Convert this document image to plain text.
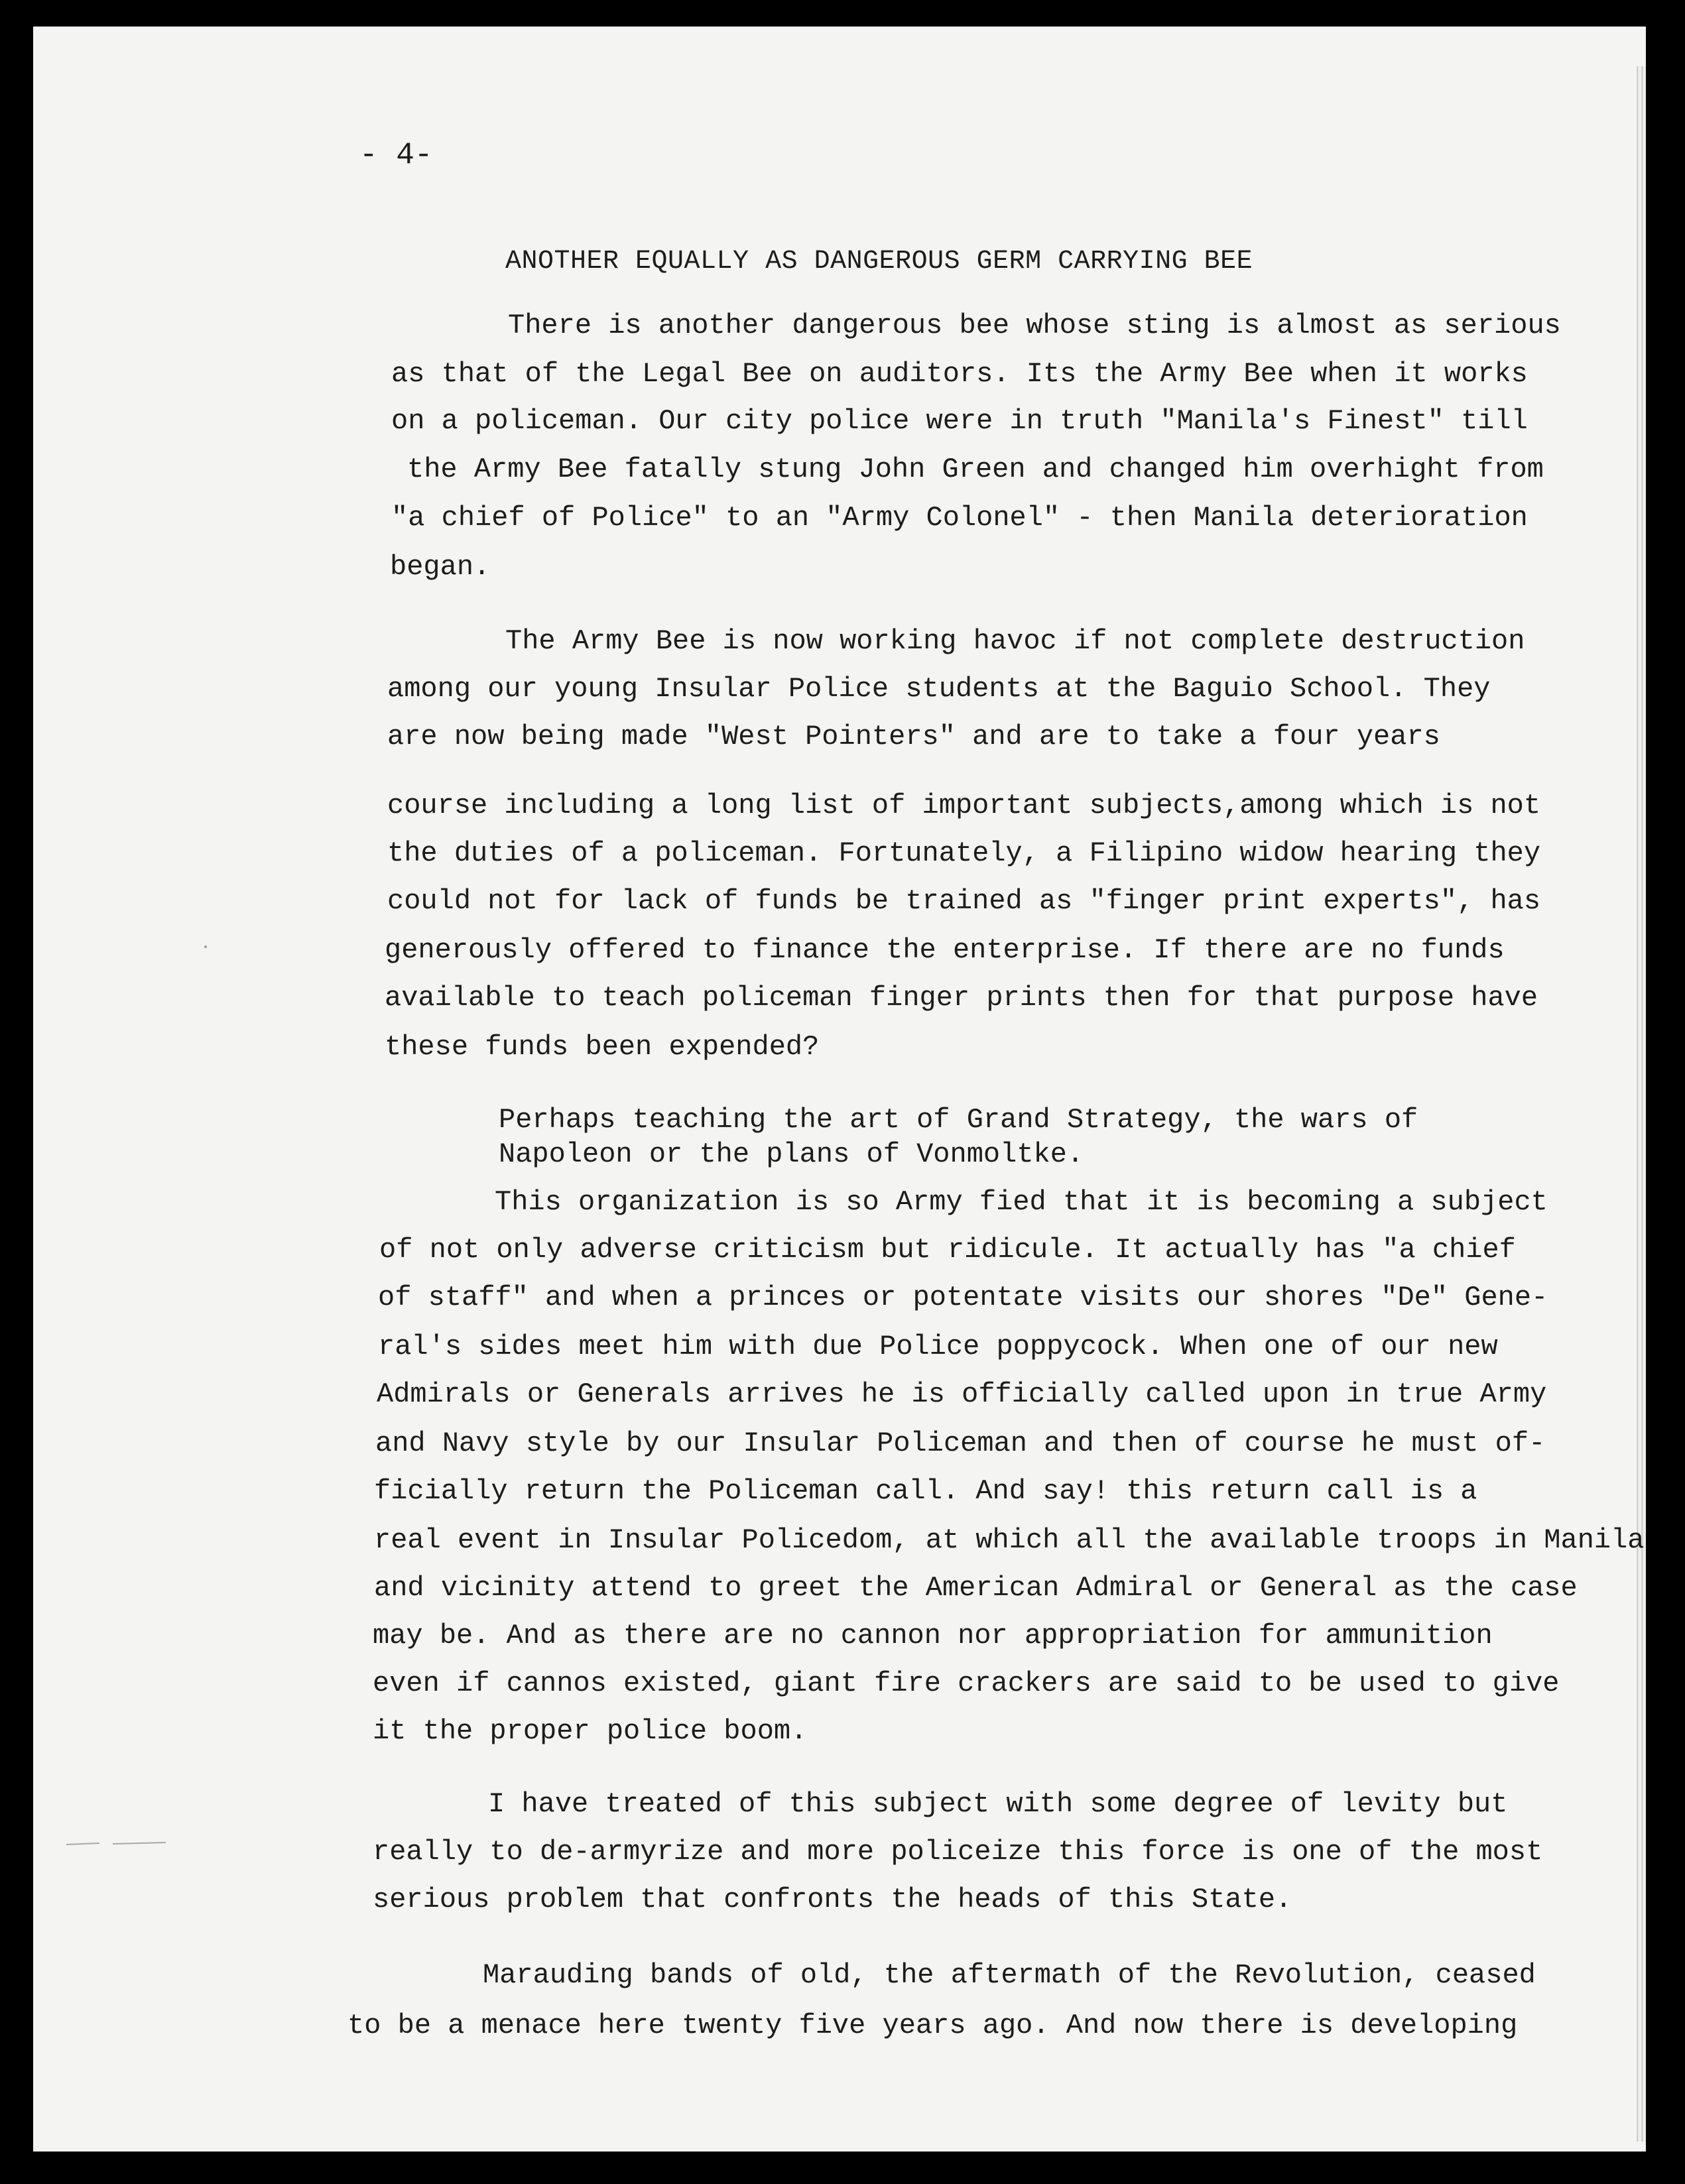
- 4-
ANOTHER EQUALLY AS DANGEROUS GERM CARRYING BEE
There is another dangerous bee whose sting is almost as serious
as that of the Legal Bee on auditors. Its the Army Bee when it works
on a policeman. Our city police were in truth "Manila's Finest" till
the Army Bee fatally stung John Green and changed him overhight from
"a chief of Police" to an "Army Colonel" - then Manila deterioration
began.
The Army Bee is now working havoc if not complete destruction
among our young Insular Police students at the Baguio School. They
are now being made "West Pointers" and are to take a four years
course including a long list of important subjects,among which is not
the duties of a policeman. Fortunately, a Filipino widow hearing they
could not for lack of funds be trained as "finger print experts", has
generously offered to finance the enterprise. If there are no funds
available to teach policeman finger prints then for that purpose have
these funds been expended?
Perhaps teaching the art of Grand Strategy, the wars of
Napoleon or the plans of Vonmoltke.
This organization is so Army fied that it is becoming a subject
of not only adverse criticism but ridicule. It actually has "a chief
of staff" and when a princes or potentate visits our shores "De" Gene-
ral's sides meet him with due Police poppycock. When one of our new
Admirals or Generals arrives he is officially called upon in true Army
and Navy style by our Insular Policeman and then of course he must of-
ficially return the Policeman call. And say! this return call is a
real event in Insular Policedom, at which all the available troops in Manila
and vicinity attend to greet the American Admiral or General as the case
may be. And as there are no cannon nor appropriation for ammunition
even if cannos existed, giant fire crackers are said to be used to give
it the proper police boom.
I have treated of this subject with some degree of levity but
really to de-armyrize and more policeize this force is one of the most
serious problem that confronts the heads of this State.
Marauding bands of old, the aftermath of the Revolution, ceased
to be a menace here twenty five years ago. And now there is developing
